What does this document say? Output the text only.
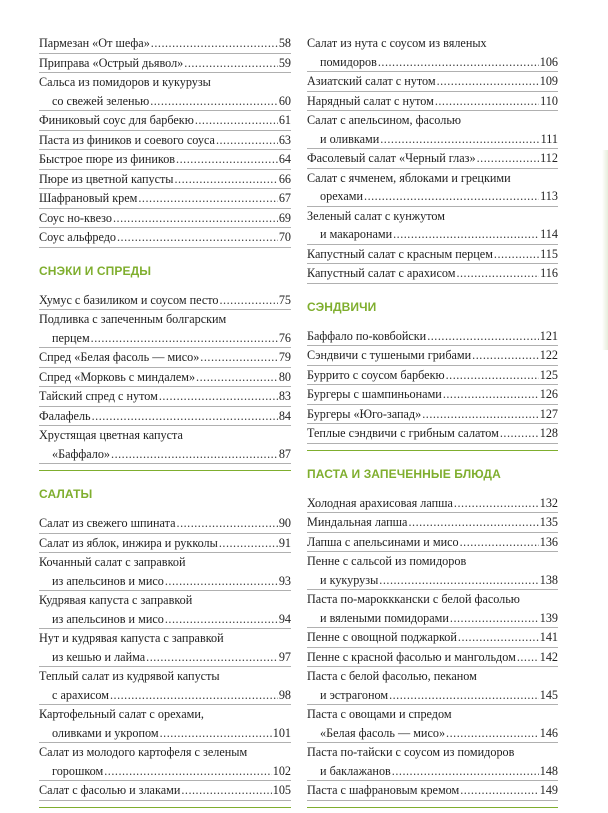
Пармезан «От шефа» .....	58
Приправа «Острый дьявол» .....	59
Сальса из помидоров и кукурузы
со свежей зеленью .....	60
Финиковый соус для барбекю .....	61
Паста из фиников и соевого соуса .....	63
Быстрое пюре из фиников .....	64
Пюре из цветной капусты .....	66
Шафрановый крем .....	67
Соус но-квезо .....	69
Соус альфредо .....	70
СНЭКИ И СПРЕДЫ
Хумус с базиликом и соусом песто .....	75
Подливка с запеченным болгарским
перцем .....	76
Спред «Белая фасоль — мисо» .....	79
Спред «Морковь с миндалем» .....	80
Тайский спред с нутом .....	83
Фалафель .....	84
Хрустящая цветная капуста
«Баффало» .....	87
САЛАТЫ
Салат из свежего шпината .....	90
Салат из яблок, инжира и рукколы .....	91
Кочанный салат с заправкой
из апельсинов и мисо .....	93
Кудрявая капуста с заправкой
из апельсинов и мисо .....	94
Нут и кудрявая капуста с заправкой
из кешью и лайма .....	97
Теплый салат из кудрявой капусты
с арахисом .....	98
Картофельный салат с орехами,
оливками и укропом .....	101
Салат из молодого картофеля с зеленым
горошком .....	102
Салат с фасолью и злаками .....	105
Салат из нута с соусом из вяленых
помидоров .....	106
Азиатский салат с нутом .....	109
Нарядный салат с нутом .....	110
Салат с апельсином, фасолью
и оливками .....	111
Фасолевый салат «Черный глаз» .....	112
Салат с ячменем, яблоками и грецкими
орехами .....	113
Зеленый салат с кунжутом
и макаронами .....	114
Капустный салат с красным перцем .....	115
Капустный салат с арахисом .....	116
СЭНДВИЧИ
Баффало по-ковбойски .....	121
Сэндвичи с тушеными грибами .....	122
Буррито с соусом барбекю .....	125
Бургеры с шампиньонами .....	126
Бургеры «Юго-запад» .....	127
Теплые сэндвичи с грибным салатом .....	128
ПАСТА И ЗАПЕЧЕННЫЕ БЛЮДА
Холодная арахисовая лапша .....	132
Миндальная лапша .....	135
Лапша с апельсинами и мисо .....	136
Пенне с сальсой из помидоров
и кукурузы .....	138
Паста по-марокккански с белой фасолью
и вялеными помидорами .....	139
Пенне с овощной поджаркой .....	141
Пенне с красной фасолью и мангольдом ..... 142
Паста с белой фасолью, пеканом
и эстрагоном .....	145
Паста с овощами и спредом
«Белая фасоль — мисо» .....	146
Паста по-тайски с соусом из помидоров
и баклажанов .....	148
Паста с шафрановым кремом .....	149
